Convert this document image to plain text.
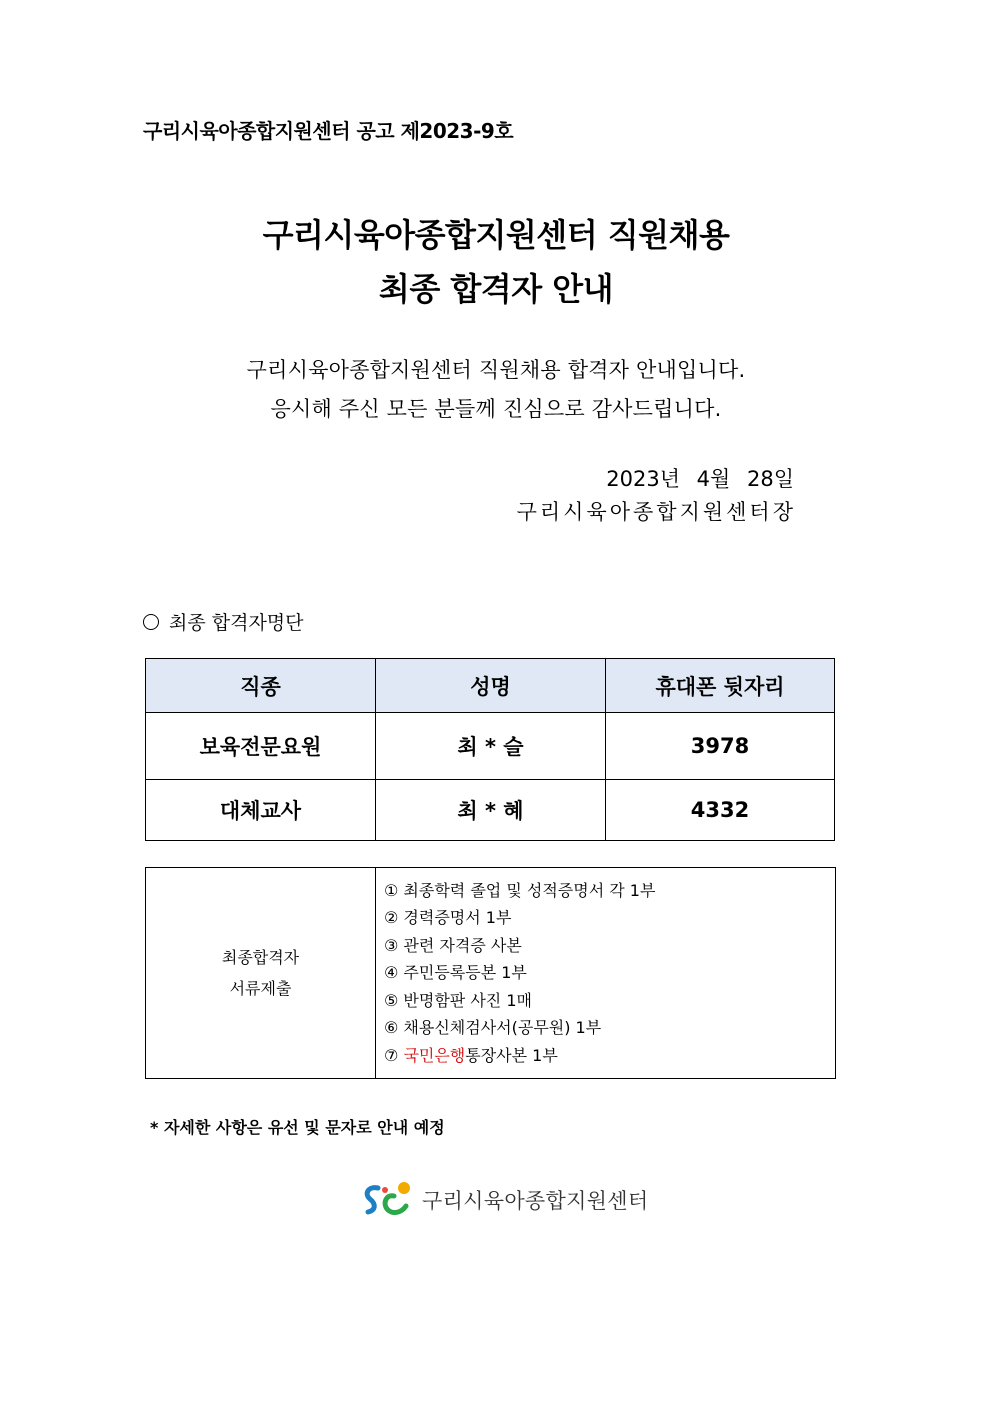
구리시육아종합지원센터 공고 제2023-9호
구리시육아종합지원센터 직원채용
최종 합격자 안내
구리시육아종합지원센터 직원채용 합격자 안내입니다.
응시해 주신 모든 분들께 진심으로 감사드립니다.
2023년 4월 28일
구리시육아종합지원센터장
최종 합격자명단
직종	성명	휴대폰 뒷자리
보육전문요원	최 * 슬	3978
대체교사	최 * 혜	4332
최종합격자
서류제출

① 최종학력 졸업 및 성적증명서 각 1부
② 경력증명서 1부
③ 관련 자격증 사본
④ 주민등록등본 1부
⑤ 반명함판 사진 1매
⑥ 채용신체검사서(공무원) 1부
⑦ 국민은행통장사본 1부
* 자세한 사항은 유선 및 문자로 안내 예정
구리시육아종합지원센터
